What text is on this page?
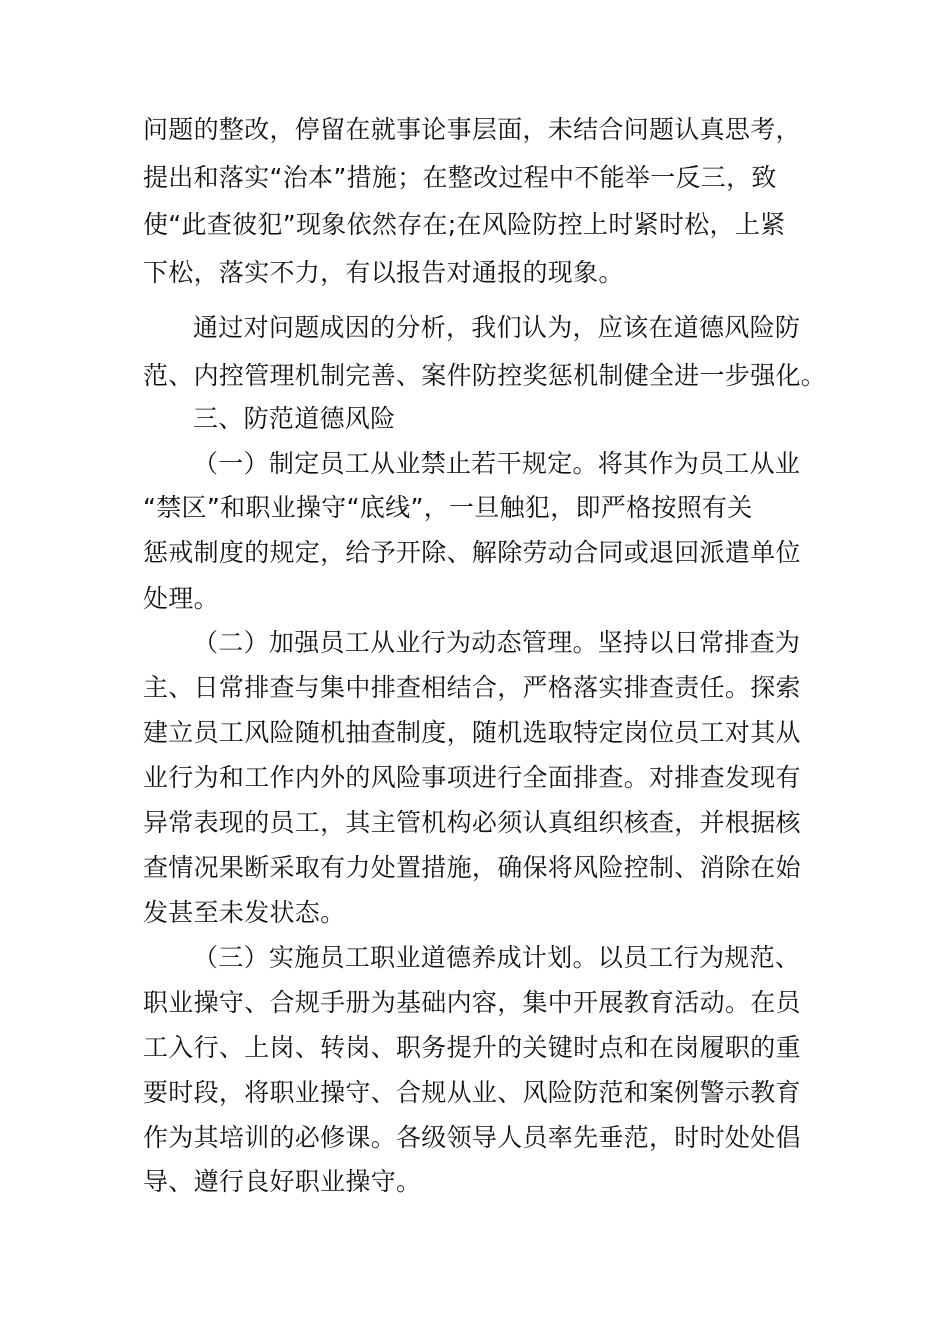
问题的整改，停留在就事论事层面，未结合问题认真思考，
提出和落实“治本”措施；在整改过程中不能举一反三，致
使“此查彼犯”现象依然存在;在风险防控上时紧时松，上紧
下松，落实不力，有以报告对通报的现象。
通过对问题成因的分析，我们认为，应该在道德风险防
范、内控管理机制完善、案件防控奖惩机制健全进一步强化。
三、防范道德风险
（一）制定员工从业禁止若干规定。将其作为员工从业
“禁区”和职业操守“底线”，一旦触犯，即严格按照有关
惩戒制度的规定，给予开除、解除劳动合同或退回派遣单位
处理。
（二）加强员工从业行为动态管理。坚持以日常排查为
主、日常排查与集中排查相结合，严格落实排查责任。探索
建立员工风险随机抽查制度，随机选取特定岗位员工对其从
业行为和工作内外的风险事项进行全面排查。对排查发现有
异常表现的员工，其主管机构必须认真组织核查，并根据核
查情况果断采取有力处置措施，确保将风险控制、消除在始
发甚至未发状态。
（三）实施员工职业道德养成计划。以员工行为规范、
职业操守、合规手册为基础内容，集中开展教育活动。在员
工入行、上岗、转岗、职务提升的关键时点和在岗履职的重
要时段，将职业操守、合规从业、风险防范和案例警示教育
作为其培训的必修课。各级领导人员率先垂范，时时处处倡
导、遵行良好职业操守。
